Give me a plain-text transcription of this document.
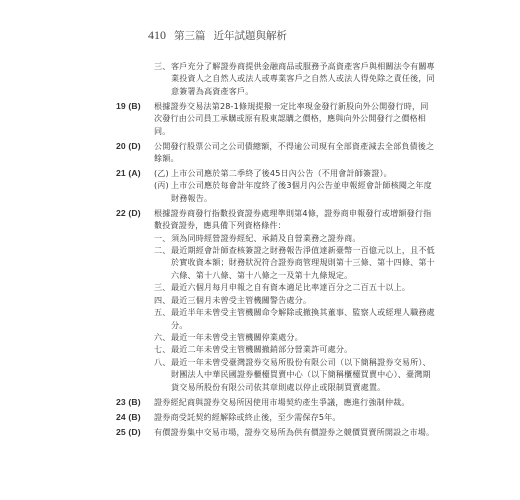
410 第三篇 近年試題與解析
三、 客戶充分了解證券商提供金融商品或服務予高資產客戶與相關法令有關專業投資人之自然人或法人或專業客戶之自然人或法人得免除之責任後，同意簽署為高資產客戶。
19 (B)	根據證券交易法第28-1條規提撥一定比率現金發行新股向外公開發行時，同次發行由公司員工承購或原有股東認購之價格，應與向外公開發行之價格相同。
20 (D)	公開發行股票公司之公司債總額，不得逾公司現有全部資產減去全部負債後之餘額。
21 (A)	(乙) 上市公司應於第二季終了後45日內公告（不用會計師簽證）。
(丙) 上市公司應於每會計年度終了後3個月內公告並申報經會計師核閱之年度財務報告。
22 (D)	根據證券商發行指數投資證券處理準則第4條，證券商申報發行或增額發行指數投資證券，應具備下列資格條件：
一、 須為同時經營證券經紀、承銷及自營業務之證券商。
二、 最近期經會計師查核簽證之財務報告淨值達新臺幣一百億元以上，且不低於實收資本額；財務狀況符合證券商管理規則第十三條、第十四條、第十六條、第十八條、第十八條之一及第十九條規定。
三、 最近六個月每月申報之自有資本適足比率達百分之二百五十以上。
四、 最近三個月未曾受主管機關警告處分。
五、 最近半年未曾受主管機關命令解除或撤換其董事、監察人或經理人職務處分。
六、 最近一年未曾受主管機關停業處分。
七、 最近二年未曾受主管機關撤銷部分營業許可處分。
八、 最近一年未曾受臺灣證券交易所股份有限公司（以下簡稱證券交易所）、財團法人中華民國證券櫃檯買賣中心（以下簡稱櫃檯買賣中心）、臺灣期貨交易所股份有限公司依其章則處以停止或限制買賣處置。
23 (B)	證券經紀商與證券交易所因使用市場契約產生爭議，應進行強制仲裁。
24 (B)	證券商受託契約經解除或終止後，至少需保存5年。
25 (D)	有價證券集中交易市場，證券交易所為供有價證券之競價買賣所開設之市場。
